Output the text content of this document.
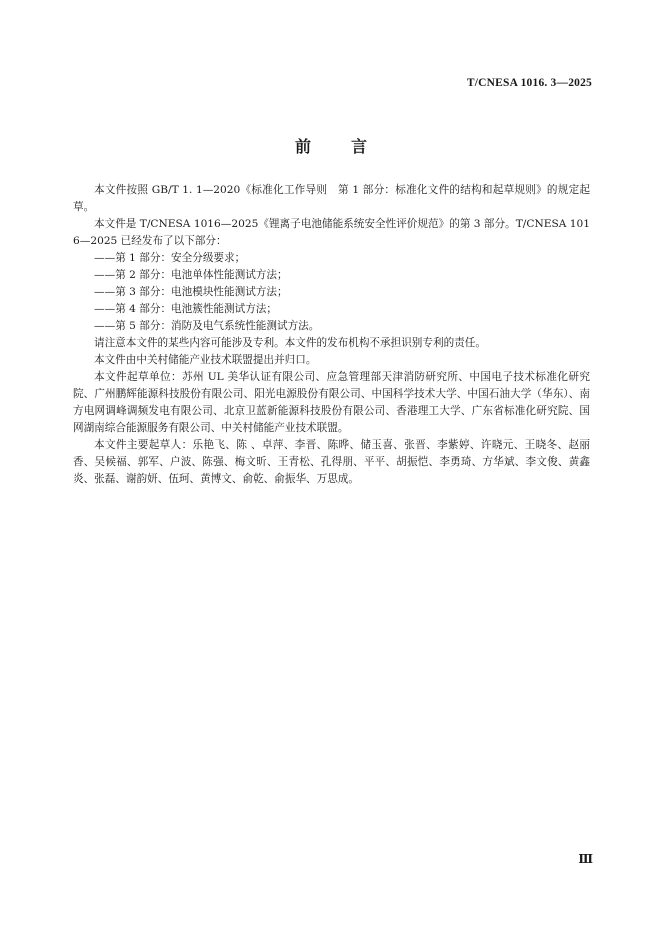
T/CNESA 1016. 3—2025
前言

本文件按照 GB/T 1. 1—2020《标准化工作导则　第 1 部分：标准化文件的结构和起草规则》的规定起草。

本文件是 T/CNESA 1016—2025《锂离子电池储能系统安全性评价规范》的第 3 部分。T/CNESA 1016—2025 已经发布了以下部分：

——第 1 部分：安全分级要求；

——第 2 部分：电池单体性能测试方法；

——第 3 部分：电池模块性能测试方法；

——第 4 部分：电池簇性能测试方法；

——第 5 部分：消防及电气系统性能测试方法。

请注意本文件的某些内容可能涉及专利。本文件的发布机构不承担识别专利的责任。

本文件由中关村储能产业技术联盟提出并归口。

本文件起草单位：苏州 UL 美华认证有限公司、应急管理部天津消防研究所、中国电子技术标准化研究院、广州鹏辉能源科技股份有限公司、阳光电源股份有限公司、中国科学技术大学、中国石油大学（华东）、南方电网调峰调频发电有限公司、北京卫蓝新能源科技股份有限公司、香港理工大学、广东省标准化研究院、国网湖南综合能源服务有限公司、中关村储能产业技术联盟。

本文件主要起草人：乐艳飞、陈 、卓萍、李晋、陈晔、储玉喜、张晋、李紫婷、许晓元、王晓冬、赵丽香、吴候福、郭军、户波、陈强、梅文昕、王青松、孔得朋、平平、胡振恺、李勇琦、方华斌、李文俊、黄鑫炎、张磊、谢韵妍、伍珂、黄博文、俞乾、俞振华、万思成。

Ⅲ
